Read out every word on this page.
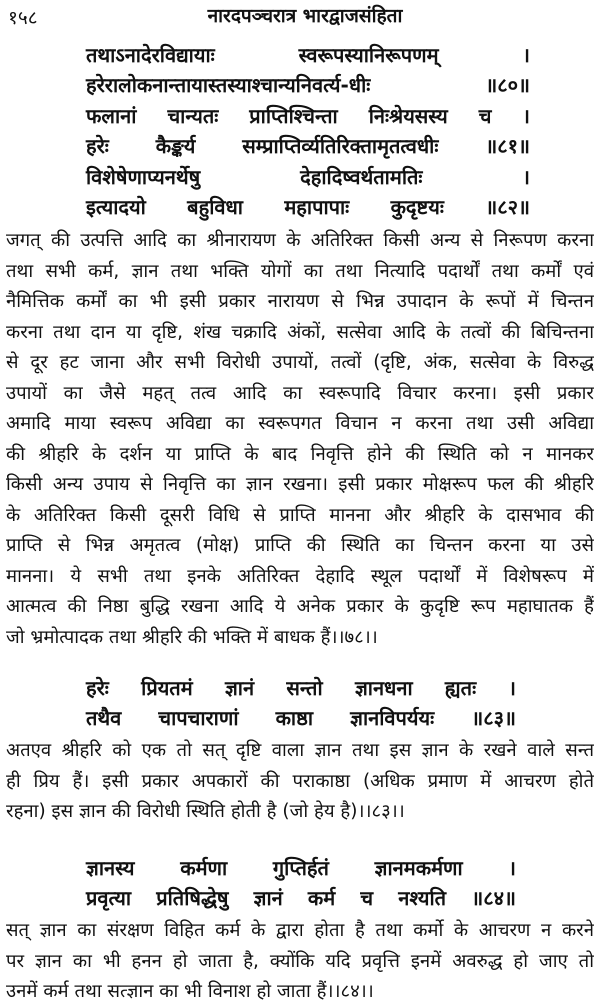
१५८	नारदपञ्चरात्र भारद्वाजसंहिता
तथाऽनादेरविद्यायाः स्वरूपस्यानिरूपणम् ।
हरेरालोकनान्तायास्तस्याश्चान्यनिवर्त्य-धीः ॥८०॥
फलानां चान्यतः प्राप्तिश्चिन्ता निःश्रेयसस्य च ।
हरेः कैङ्कर्य सम्प्राप्तिर्व्यतिरिक्तामृतत्वधीः ॥८१॥
विशेषेणाप्यनर्थेषु देहादिष्वर्थतामतिः ।
इत्यादयो बहुविधा महापापाः कुदृष्टयः ॥८२॥
जगत् की उत्पत्ति आदि का श्रीनारायण के अतिरिक्त किसी अन्य से निरूपण करना
तथा सभी कर्म, ज्ञान तथा भक्ति योगों का तथा नित्यादि पदार्थों तथा कर्मों एवं
नैमित्तिक कर्मों का भी इसी प्रकार नारायण से भिन्न उपादान के रूपों में चिन्तन
करना तथा दान या दृष्टि, शंख चक्रादि अंकों, सत्सेवा आदि के तत्वों की बिचिन्तना
से दूर हट जाना और सभी विरोधी उपायों, तत्वों (दृष्टि, अंक, सत्सेवा के विरुद्ध
उपायों का जैसे महत् तत्व आदि का स्वरूपादि विचार करना। इसी प्रकार
अमादि माया स्वरूप अविद्या का स्वरूपगत विचान न करना तथा उसी अविद्या
की श्रीहरि के दर्शन या प्राप्ति के बाद निवृत्ति होने की स्थिति को न मानकर
किसी अन्य उपाय से निवृत्ति का ज्ञान रखना। इसी प्रकार मोक्षरूप फल की श्रीहरि
के अतिरिक्त किसी दूसरी विधि से प्राप्ति मानना और श्रीहरि के दासभाव की
प्राप्ति से भिन्न अमृतत्व (मोक्ष) प्राप्ति की स्थिति का चिन्तन करना या उसे
मानना। ये सभी तथा इनके अतिरिक्त देहादि स्थूल पदार्थों में विशेषरूप में
आत्मत्व की निष्ठा बुद्धि रखना आदि ये अनेक प्रकार के कुदृष्टि रूप महाघातक हैं
जो भ्रमोत्पादक तथा श्रीहरि की भक्ति में बाधक हैं।।७८।।
हरेः प्रियतमं ज्ञानं सन्तो ज्ञानधना ह्यतः ।
तथैव चापचाराणां काष्ठा ज्ञानविपर्ययः ॥८३॥
अतएव श्रीहरि को एक तो सत् दृष्टि वाला ज्ञान तथा इस ज्ञान के रखने वाले सन्त
ही प्रिय हैं। इसी प्रकार अपकारों की पराकाष्ठा (अधिक प्रमाण में आचरण होते
रहना) इस ज्ञान की विरोधी स्थिति होती है (जो हेय है)।।८३।।
ज्ञानस्य कर्मणा गुप्तिर्हतं ज्ञानमकर्मणा ।
प्रवृत्या प्रतिषिद्धेषु ज्ञानं कर्म च नश्यति ॥८४॥
सत् ज्ञान का संरक्षण विहित कर्म के द्वारा होता है तथा कर्मो के आचरण न करने
पर ज्ञान का भी हनन हो जाता है, क्योंकि यदि प्रवृत्ति इनमें अवरुद्ध हो जाए तो
उनमें कर्म तथा सत्ज्ञान का भी विनाश हो जाता हैं।।८४।।
